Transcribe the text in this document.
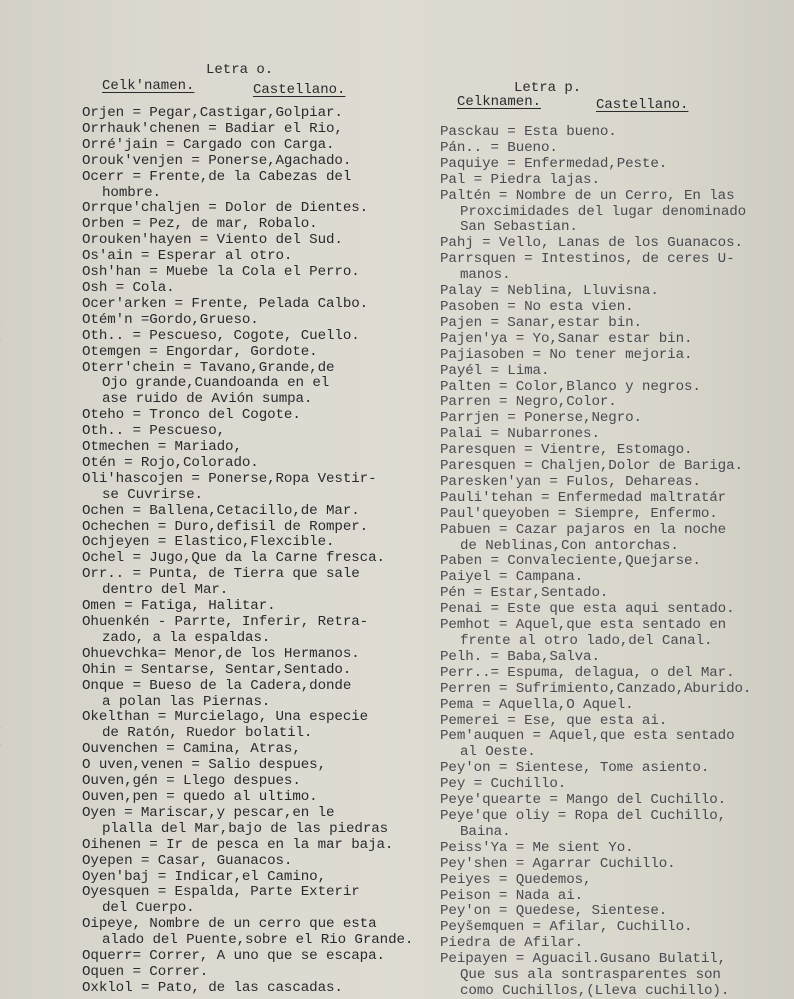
Letra o.
Celk'namen.	Castellano.
Orjen = Pegar,Castigar,Golpiar.
Orrhauk'chenen = Badiar el Rio,
Orré'jain = Cargado con Carga.
Orouk'venjen = Ponerse,Agachado.
Ocerr = Frente,de la Cabezas del
hombre.
Orrque'chaljen = Dolor de Dientes.
Orben = Pez, de mar, Robalo.
Orouken'hayen = Viento del Sud.
Os'ain = Esperar al otro.
Osh'han = Muebe la Cola el Perro.
Osh = Cola.
Ocer'arken = Frente, Pelada Calbo.
Otém'n =Gordo,Grueso.
Oth.. = Pescueso, Cogote, Cuello.
Otemgen = Engordar, Gordote.
Oterr'chein = Tavano,Grande,de
Ojo grande,Cuandoanda en el
ase ruido de Avión sumpa.
Oteho = Tronco del Cogote.
Oth.. = Pescueso,
Otmechen = Mariado,
Otén = Rojo,Colorado.
Oli'hascojen = Ponerse,Ropa Vestir-
se Cuvrirse.
Ochen = Ballena,Cetacillo,de Mar.
Ochechen = Duro,defisil de Romper.
Ochjeyen = Elastico,Flexcible.
Ochel = Jugo,Que da la Carne fresca.
Orr.. = Punta, de Tierra que sale
dentro del Mar.
Omen = Fatiga, Halitar.
Ohuenkén - Parrte, Inferir, Retra-
zado, a la espaldas.
Ohuevchka= Menor,de los Hermanos.
Ohin = Sentarse, Sentar,Sentado.
Onque = Bueso de la Cadera,donde
a polan las Piernas.
Okelthan = Murcielago, Una especie
de Ratón, Ruedor bolatil.
Ouvenchen = Camina, Atras,
O uven,venen = Salio despues,
Ouven,gén = Llego despues.
Ouven,pen = quedo al ultimo.
Oyen = Mariscar,y pescar,en le
plalla del Mar,bajo de las piedras
Oihenen = Ir de pesca en la mar baja.
Oyepen = Casar, Guanacos.
Oyen'baj = Indicar,el Camino,
Oyesquen = Espalda, Parte Exterir
del Cuerpo.
Oipeye, Nombre de un cerro que esta
alado del Puente,sobre el Rio Grande.
Oquerr= Correr, A uno que se escapa.
Oquen = Correr.
Oxklol = Pato, de las cascadas.
Letra p.
Celknamen.	Castellano.
Pasckau = Esta bueno.
Pán.. = Bueno.
Paquiye = Enfermedad,Peste.
Pal = Piedra lajas.
Paltén = Nombre de un Cerro, En las
Proxcimidades del lugar denominado
San Sebastian.
Pahj = Vello, Lanas de los Guanacos.
Parrsquen = Intestinos, de ceres U-
manos.
Palay = Neblina, Lluvisna.
Pasoben = No esta vien.
Pajen = Sanar,estar bin.
Pajen'ya = Yo,Sanar estar bin.
Pajiasoben = No tener mejoria.
Payél = Lima.
Palten = Color,Blanco y negros.
Parren = Negro,Color.
Parrjen = Ponerse,Negro.
Palai = Nubarrones.
Paresquen = Vientre, Estomago.
Paresquen = Chaljen,Dolor de Bariga.
Paresken'yan = Fulos, Dehareas.
Pauli'tehan = Enfermedad maltratár
Paul'queyoben = Siempre, Enfermo.
Pabuen = Cazar pajaros en la noche
de Neblinas,Con antorchas.
Paben = Convaleciente,Quejarse.
Paiyel = Campana.
Pén = Estar,Sentado.
Penai = Este que esta aqui sentado.
Pemhot = Aquel,que esta sentado en
frente al otro lado,del Canal.
Pelh. = Baba,Salva.
Perr..= Espuma, delagua, o del Mar.
Perren = Sufrimiento,Canzado,Aburido.
Pema = Aquella,O Aquel.
Pemerei = Ese, que esta ai.
Pem'auquen = Aquel,que esta sentado
al Oeste.
Pey'on = Sientese, Tome asiento.
Pey = Cuchillo.
Peye'quearte = Mango del Cuchillo.
Peye'que oliy = Ropa del Cuchillo,
Baina.
Peiss'Ya = Me sient Yo.
Pey'shen = Agarrar Cuchillo.
Peiyes = Quedemos,
Peison = Nada ai.
Pey'on = Quedese, Sientese.
Peyšemquen = Afilar, Cuchillo.
Piedra de Afilar.
Peipayen = Aguacil.Gusano Bulatil,
Que sus ala sontrasparentes son
como Cuchillos,(Lleva cuchillo).
